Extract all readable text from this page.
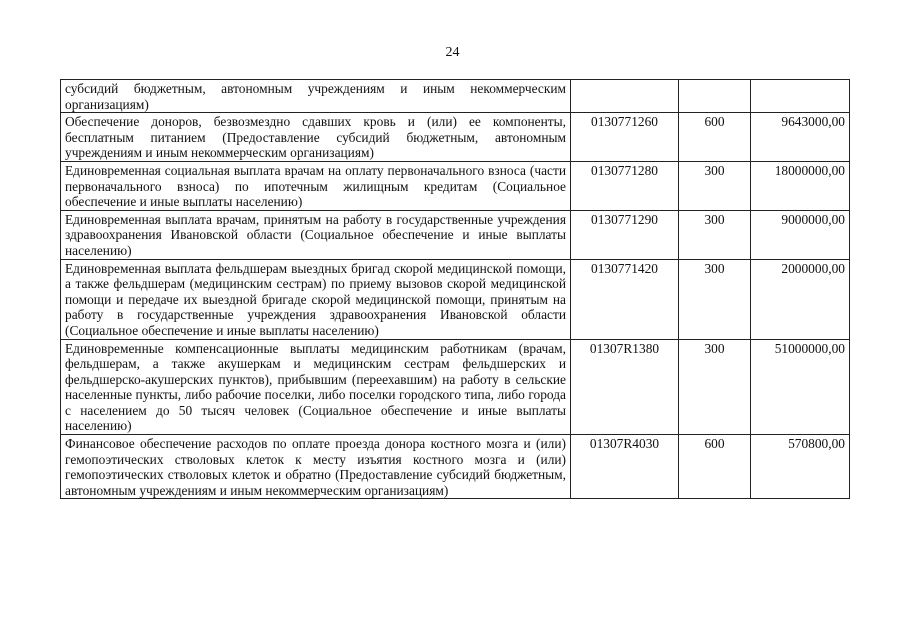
24
субсидий бюджетным, автономным учреждениям и иным некоммерческим организациям)			
Обеспечение доноров, безвозмездно сдавших кровь и (или) ее компоненты, бесплатным питанием (Предоставление субсидий бюджетным, автономным учреждениям и иным некоммерческим организациям)	0130771260	600	9643000,00
Единовременная социальная выплата врачам на оплату первоначального взноса (части первоначального взноса) по ипотечным жилищным кредитам (Социальное обеспечение и иные выплаты населению)	0130771280	300	18000000,00
Единовременная выплата врачам, принятым на работу в государственные учреждения здравоохранения Ивановской области (Социальное обеспечение и иные выплаты населению)	0130771290	300	9000000,00
Единовременная выплата фельдшерам выездных бригад скорой медицинской помощи, а также фельдшерам (медицинским сестрам) по приему вызовов скорой медицинской помощи и передаче их выездной бригаде скорой медицинской помощи, принятым на работу в государственные учреждения здравоохранения Ивановской области (Социальное обеспечение и иные выплаты населению)	0130771420	300	2000000,00
Единовременные компенсационные выплаты медицинским работникам (врачам, фельдшерам, а также акушеркам и медицинским сестрам фельдшерских и фельдшерско-акушерских пунктов), прибывшим (переехавшим) на работу в сельские населенные пункты, либо рабочие поселки, либо поселки городского типа, либо города с населением до 50 тысяч человек (Социальное обеспечение и иные выплаты населению)	01307R1380	300	51000000,00
Финансовое обеспечение расходов по оплате проезда донора костного мозга и (или) гемопоэтических стволовых клеток к месту изъятия костного мозга и (или) гемопоэтических стволовых клеток и обратно (Предоставление субсидий бюджетным, автономным учреждениям и иным некоммерческим организациям)	01307R4030	600	570800,00
